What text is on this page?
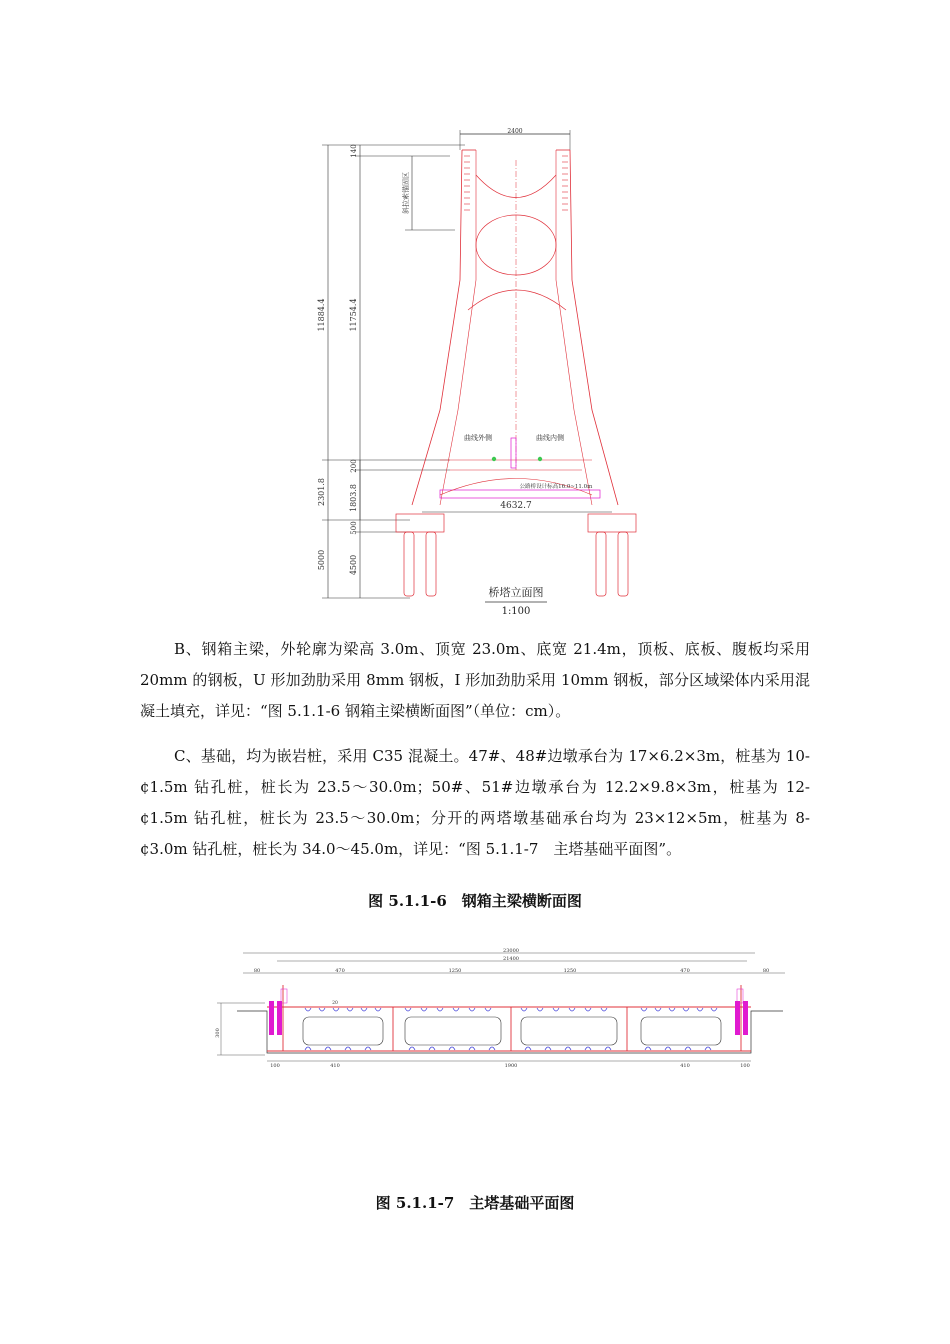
2400
11884.4	11754.4
140
斜拉索锚固区
200
2301.8	1803.8
500
5000	4500
曲线外侧	曲线内侧
公路桥设计标高16.0~11.0m
4632.7
桥塔立面图
1:100

B、钢箱主梁，外轮廓为梁高 3.0m、顶宽 23.0m、底宽 21.4m，顶板、底板、腹板均采用 20mm 的钢板，U 形加劲肋采用 8mm 钢板，I 形加劲肋采用 10mm 钢板，部分区域梁体内采用混凝土填充，详见：“图 5.1.1-6 钢箱主梁横断面图”（单位：cm）。

C、基础，均为嵌岩桩，采用 C35 混凝土。47#、48#边墩承台为 17×6.2×3m，桩基为 10-¢1.5m 钻孔桩，桩长为 23.5～30.0m；50#、51#边墩承台为 12.2×9.8×3m，桩基为 12-¢1.5m 钻孔桩，桩长为 23.5～30.0m；分开的两塔墩基础承台均为 23×12×5m，桩基为 8-¢3.0m 钻孔桩，桩长为 34.0～45.0m，详见：“图 5.1.1-7　主塔基础平面图”。

图 5.1.1-6　钢箱主梁横断面图
23000
21400
80	80
470	1250	1250	470
300
100	410	1900	410	100
20
图 5.1.1-7　主塔基础平面图
